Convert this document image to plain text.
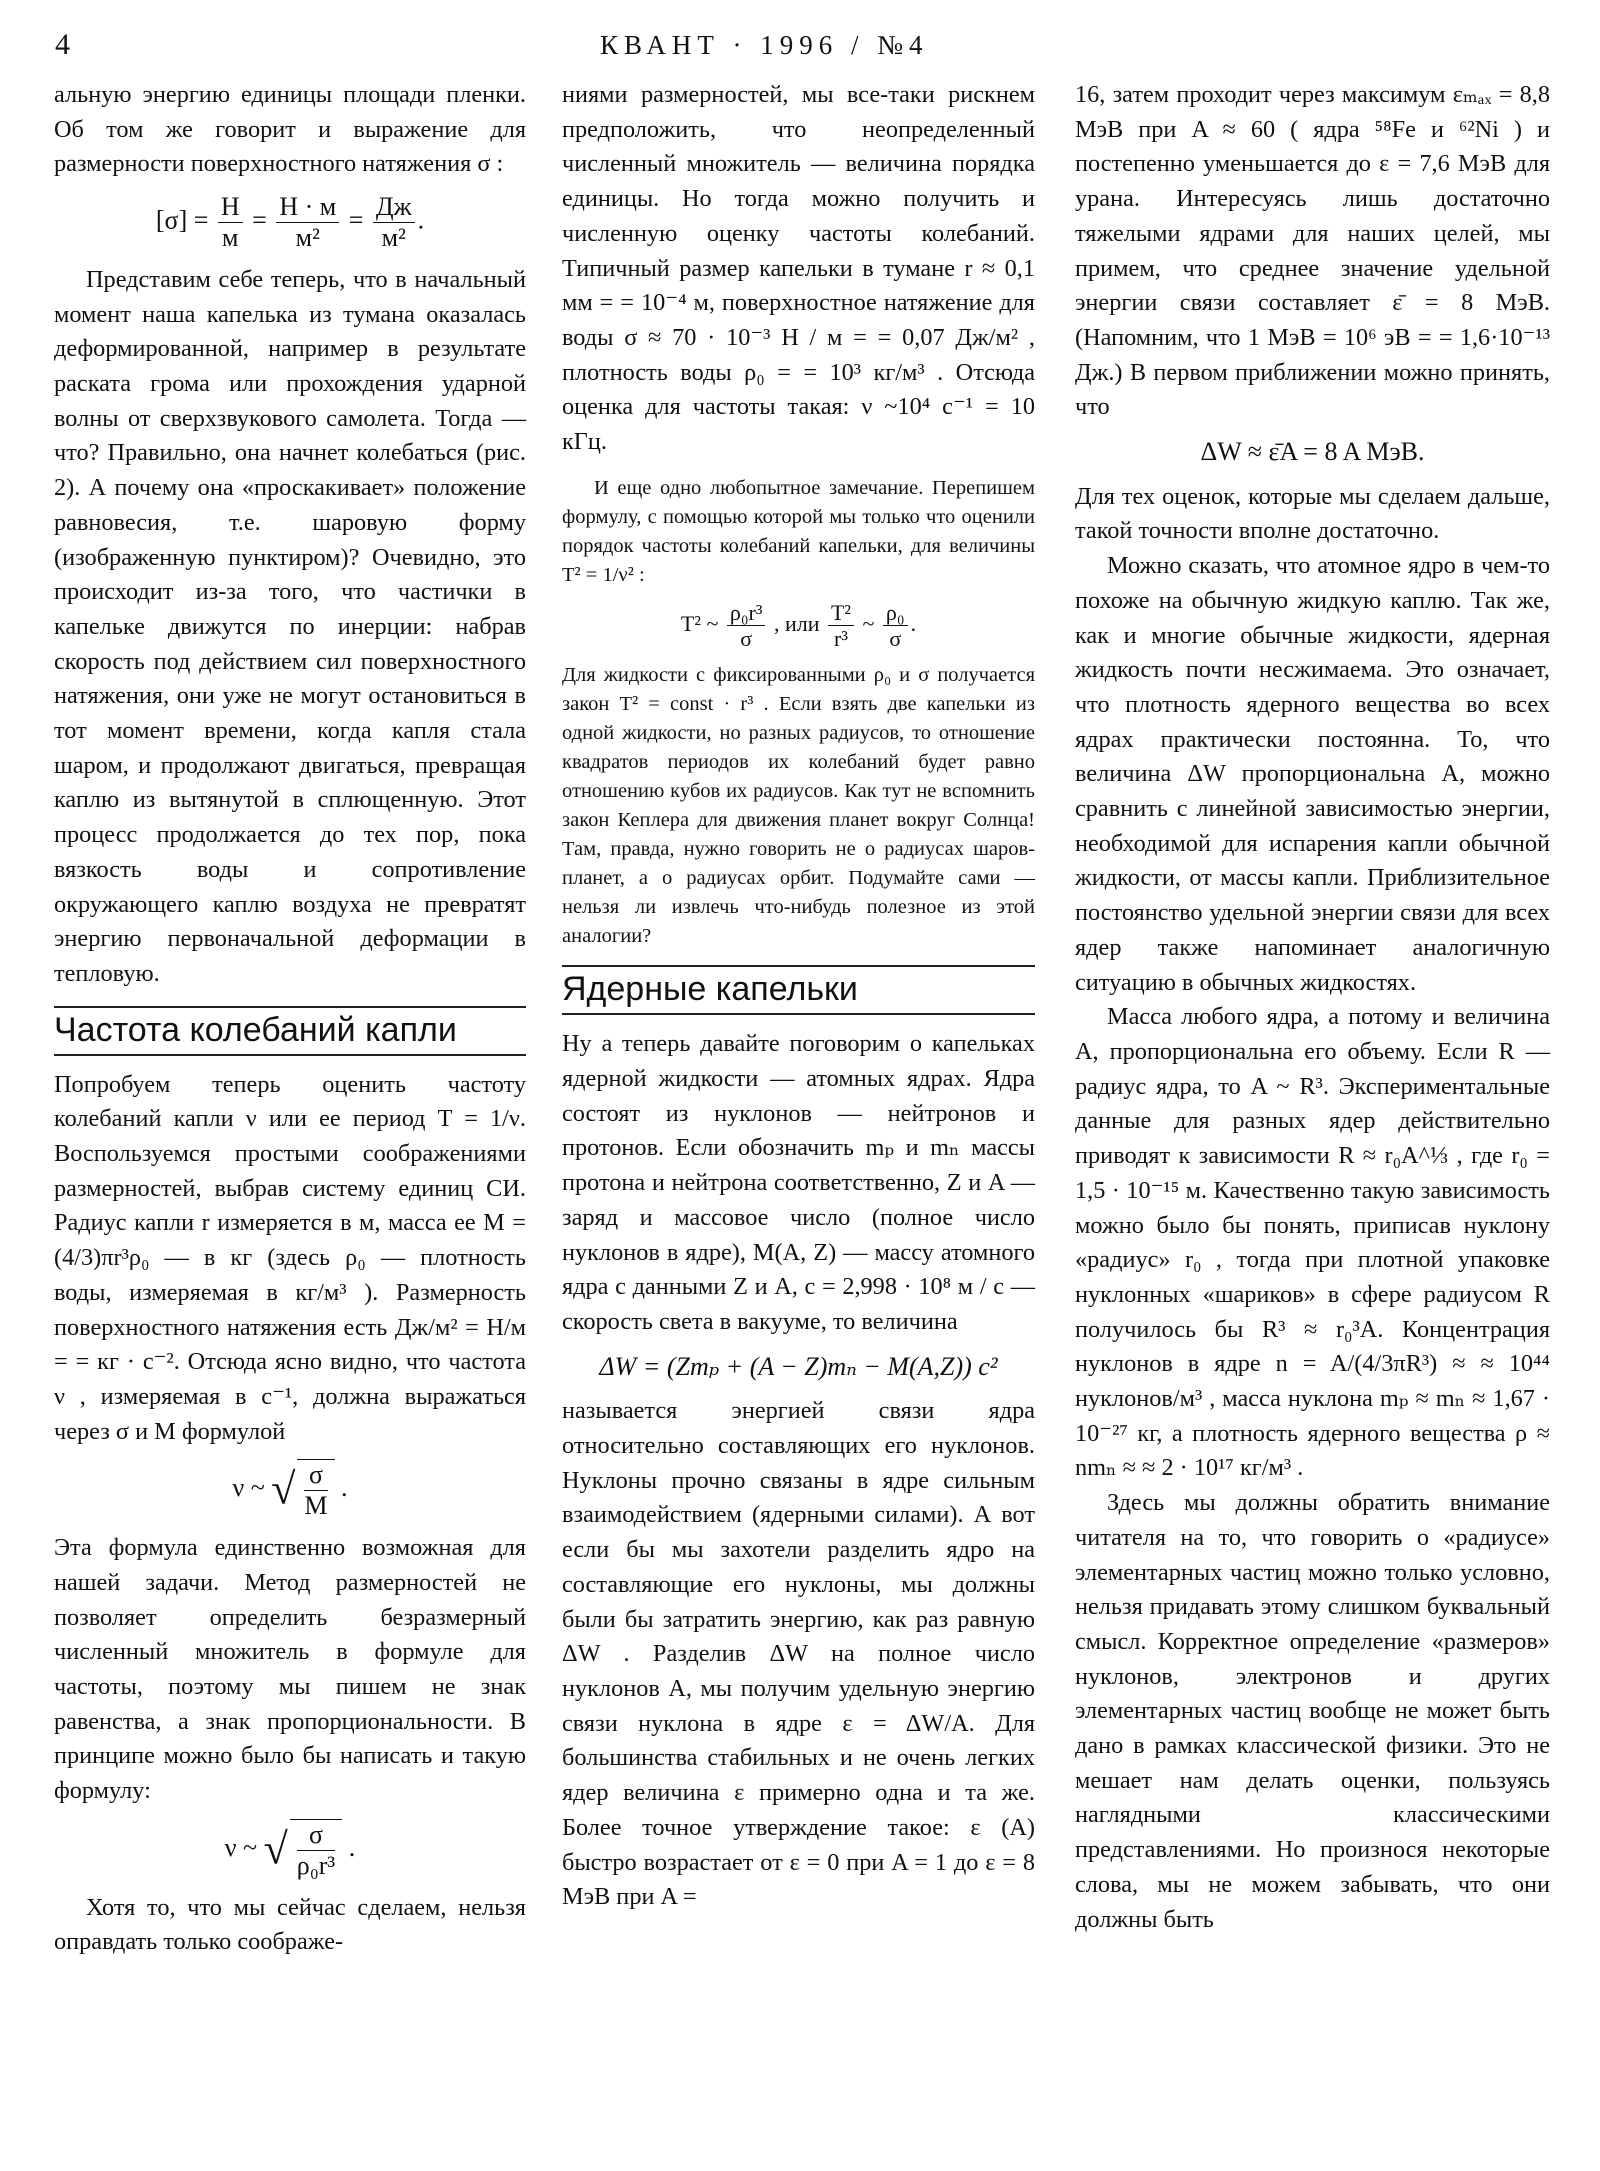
4	КВАНТ · 1996 / №4

альную энергию единицы площади пленки. Об том же говорит и выражение для размерности поверхностного натяжения σ :

$[\sigma] = \frac{Н}{м} = \frac{Н \cdot м}{\text{м²}} = \frac{Дж}{\text{м²}}$ .

Представим себе теперь, что в начальный момент наша капелька из тумана оказалась деформированной, например в результате раската грома или прохождения ударной волны от сверхзвукового самолета. Тогда — что? Правильно, она начнет колебаться (рис. 2). А почему она «проскакивает» положение равновесия, т.е. шаровую форму (изображенную пунктиром)? Очевидно, это происходит из-за того, что частички в капельке движутся по инерции: набрав скорость под действием сил поверхностного натяжения, они уже не могут остановиться в тот момент времени, когда капля стала шаром, и продолжают двигаться, превращая каплю из вытянутой в сплющенную. Этот процесс продолжается до тех пор, пока вязкость воды и сопротивление окружающего каплю воздуха не превратят энергию первоначальной деформации в тепловую.

Частота колебаний капли

Попробуем теперь оценить частоту колебаний капли ν или ее период T = 1/ν. Воспользуемся простыми соображениями размерностей, выбрав систему единиц СИ. Радиус капли r измеряется в м, масса ее M = (4/3)πr³ρ₀ — в кг (здесь ρ₀ — плотность воды, измеряемая в кг/м³ ). Размерность поверхностного натяжения есть Дж/м² = Н/м = = кг · с⁻². Отсюда ясно видно, что частота ν , измеряемая в с⁻¹, должна выражаться через σ и M формулой

ν ~ √ $\frac{\sigma}{M}$ .

Эта формула единственно возможная для нашей задачи. Метод размерностей не позволяет определить безразмерный численный множитель в формуле для частоты, поэтому мы пишем не знак равенства, а знак пропорциональности. В принципе можно было бы написать и такую формулу:

ν ~ √ $\frac{\sigma}{\text{ρ₀r³}}$ .

Хотя то, что мы сейчас сделаем, нельзя оправдать только соображе-

ниями размерностей, мы все-таки рискнем предположить, что неопределенный численный множитель — величина порядка единицы. Но тогда можно получить и численную оценку частоты колебаний. Типичный размер капельки в тумане r ≈ 0,1 мм = = 10⁻⁴ м, поверхностное натяжение для воды σ ≈ 70 · 10⁻³ Н / м = = 0,07 Дж/м² , плотность воды ρ₀ = = 10³ кг/м³ . Отсюда оценка для частоты такая: ν ~10⁴ с⁻¹ = 10 кГц.

И еще одно любопытное замечание. Перепишем формулу, с помощью которой мы только что оценили порядок частоты колебаний капельки, для величины T² = 1/ν² :

T² ~ $\frac{\text{ρ₀r³}}{\sigma}$ , или $\frac{\text{T²}}{\text{r³}}$ ~ $\frac{\text{ρ₀}}{\sigma}$ .

Для жидкости с фиксированными ρ₀ и σ получается закон T² = const · r³ . Если взять две капельки из одной жидкости, но разных радиусов, то отношение квадратов периодов их колебаний будет равно отношению кубов их радиусов. Как тут не вспомнить закон Кеплера для движения планет вокруг Солнца! Там, правда, нужно говорить не о радиусах шаров-планет, а о радиусах орбит. Подумайте сами — нельзя ли извлечь что-нибудь полезное из этой аналогии?

Ядерные капельки

Ну а теперь давайте поговорим о капельках ядерной жидкости — атомных ядрах. Ядра состоят из нуклонов — нейтронов и протонов. Если обозначить mₚ и mₙ массы протона и нейтрона соответственно, Z и A — заряд и массовое число (полное число нуклонов в ядре), M(A, Z) — массу атомного ядра с данными Z и A, c = 2,998 · 10⁸ м / с — скорость света в вакууме, то величина

ΔW = (Zmₚ + (A − Z)mₙ − M(A,Z)) c²

называется энергией связи ядра относительно составляющих его нуклонов. Нуклоны прочно связаны в ядре сильным взаимодействием (ядерными силами). А вот если бы мы захотели разделить ядро на составляющие его нуклоны, мы должны были бы затратить энергию, как раз равную ΔW . Разделив ΔW на полное число нуклонов A, мы получим удельную энергию связи нуклона в ядре ε = ΔW/A. Для большинства стабильных и не очень легких ядер величина ε примерно одна и та же. Более точное утверждение такое: ε (A) быстро возрастает от ε = 0 при A = 1 до ε = 8 МэВ при A =

16, затем проходит через максимум εₘₐₓ = 8,8 МэВ при A ≈ 60 ( ядра ⁵⁸Fe и ⁶²Ni ) и постепенно уменьшается до ε = 7,6 МэВ для урана. Интересуясь лишь достаточно тяжелыми ядрами для наших целей, мы примем, что среднее значение удельной энергии связи составляет ε̄ = 8 МэВ. (Напомним, что 1 МэВ = 10⁶ эВ = = 1,6·10⁻¹³ Дж.) В первом приближении можно принять, что

ΔW ≈ ε̄A = 8 A МэВ.

Для тех оценок, которые мы сделаем дальше, такой точности вполне достаточно.

Можно сказать, что атомное ядро в чем-то похоже на обычную жидкую каплю. Так же, как и многие обычные жидкости, ядерная жидкость почти несжимаема. Это означает, что плотность ядерного вещества во всех ядрах практически постоянна. То, что величина ΔW пропорциональна A, можно сравнить с линейной зависимостью энергии, необходимой для испарения капли обычной жидкости, от массы капли. Приблизительное постоянство удельной энергии связи для всех ядер также напоминает аналогичную ситуацию в обычных жидкостях.

Масса любого ядра, а потому и величина A, пропорциональна его объему. Если R — радиус ядра, то A ~ R³. Экспериментальные данные для разных ядер действительно приводят к зависимости R ≈ r₀A^⅓ , где r₀ = 1,5 · 10⁻¹⁵ м. Качественно такую зависимость можно было бы понять, приписав нуклону «радиус» r₀ , тогда при плотной упаковке нуклонных «шариков» в сфере радиусом R получилось бы R³ ≈ r₀³A. Концентрация нуклонов в ядре n = A/(4/3πR³) ≈ ≈ 10⁴⁴ нуклонов/м³ , масса нуклона mₚ ≈ mₙ ≈ 1,67 · 10⁻²⁷ кг, а плотность ядерного вещества ρ ≈ nmₙ ≈ ≈ 2 · 10¹⁷ кг/м³ .

Здесь мы должны обратить внимание читателя на то, что говорить о «радиусе» элементарных частиц можно только условно, нельзя придавать этому слишком буквальный смысл. Корректное определение «размеров» нуклонов, электронов и других элементарных частиц вообще не может быть дано в рамках классической физики. Это не мешает нам делать оценки, пользуясь наглядными классическими представлениями. Но произнося некоторые слова, мы не можем забывать, что они должны быть
